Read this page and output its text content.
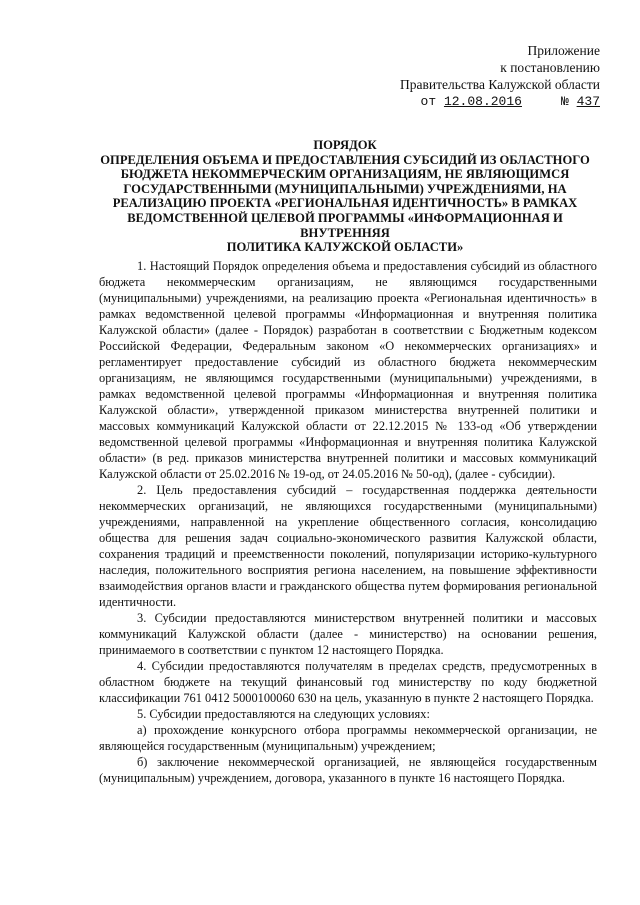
Приложение
к постановлению
Правительства Калужской области
от 12.08.2016	№ 437
ПОРЯДОК
ОПРЕДЕЛЕНИЯ ОБЪЕМА И ПРЕДОСТАВЛЕНИЯ СУБСИДИЙ ИЗ ОБЛАСТНОГО
БЮДЖЕТА НЕКОММЕРЧЕСКИМ ОРГАНИЗАЦИЯМ, НЕ ЯВЛЯЮЩИМСЯ
ГОСУДАРСТВЕННЫМИ (МУНИЦИПАЛЬНЫМИ) УЧРЕЖДЕНИЯМИ, НА
РЕАЛИЗАЦИЮ ПРОЕКТА «РЕГИОНАЛЬНАЯ ИДЕНТИЧНОСТЬ» В РАМКАХ
ВЕДОМСТВЕННОЙ ЦЕЛЕВОЙ ПРОГРАММЫ «ИНФОРМАЦИОННАЯ И ВНУТРЕННЯЯ
ПОЛИТИКА КАЛУЖСКОЙ ОБЛАСТИ»

1. Настоящий Порядок определения объема и предоставления субсидий из областного бюджета некоммерческим организациям, не являющимся государственными (муниципальными) учреждениями, на реализацию проекта «Региональная идентичность» в рамках ведомственной целевой программы «Информационная и внутренняя политика Калужской области» (далее - Порядок) разработан в соответствии с Бюджетным кодексом Российской Федерации, Федеральным законом «О некоммерческих организациях» и регламентирует предоставление субсидий из областного бюджета некоммерческим организациям, не являющимся государственными (муниципальными) учреждениями, в рамках ведомственной целевой программы «Информационная и внутренняя политика Калужской области», утвержденной приказом министерства внутренней политики и массовых коммуникаций Калужской области от 22.12.2015 № 133-од «Об утверждении ведомственной целевой программы «Информационная и внутренняя политика Калужской области» (в ред. приказов министерства внутренней политики и массовых коммуникаций Калужской области от 25.02.2016 № 19-од, от 24.05.2016 № 50-од), (далее - субсидии).

2. Цель предоставления субсидий – государственная поддержка деятельности некоммерческих организаций, не являющихся государственными (муниципальными) учреждениями, направленной на укрепление общественного согласия, консолидацию общества для решения задач социально-экономического развития Калужской области, сохранения традиций и преемственности поколений, популяризации историко-культурного наследия, положительного восприятия региона населением, на повышение эффективности взаимодействия органов власти и гражданского общества путем формирования региональной идентичности.

3. Субсидии предоставляются министерством внутренней политики и массовых коммуникаций Калужской области (далее - министерство) на основании решения, принимаемого в соответствии с пунктом 12 настоящего Порядка.

4. Субсидии предоставляются получателям в пределах средств, предусмотренных в областном бюджете на текущий финансовый год министерству по коду бюджетной классификации 761 0412 5000100060 630 на цель, указанную в пункте 2 настоящего Порядка.

5. Субсидии предоставляются на следующих условиях:

а) прохождение конкурсного отбора программы некоммерческой организации, не являющейся государственным (муниципальным) учреждением;

б) заключение некоммерческой организацией, не являющейся государственным (муниципальным) учреждением, договора, указанного в пункте 16 настоящего Порядка.
